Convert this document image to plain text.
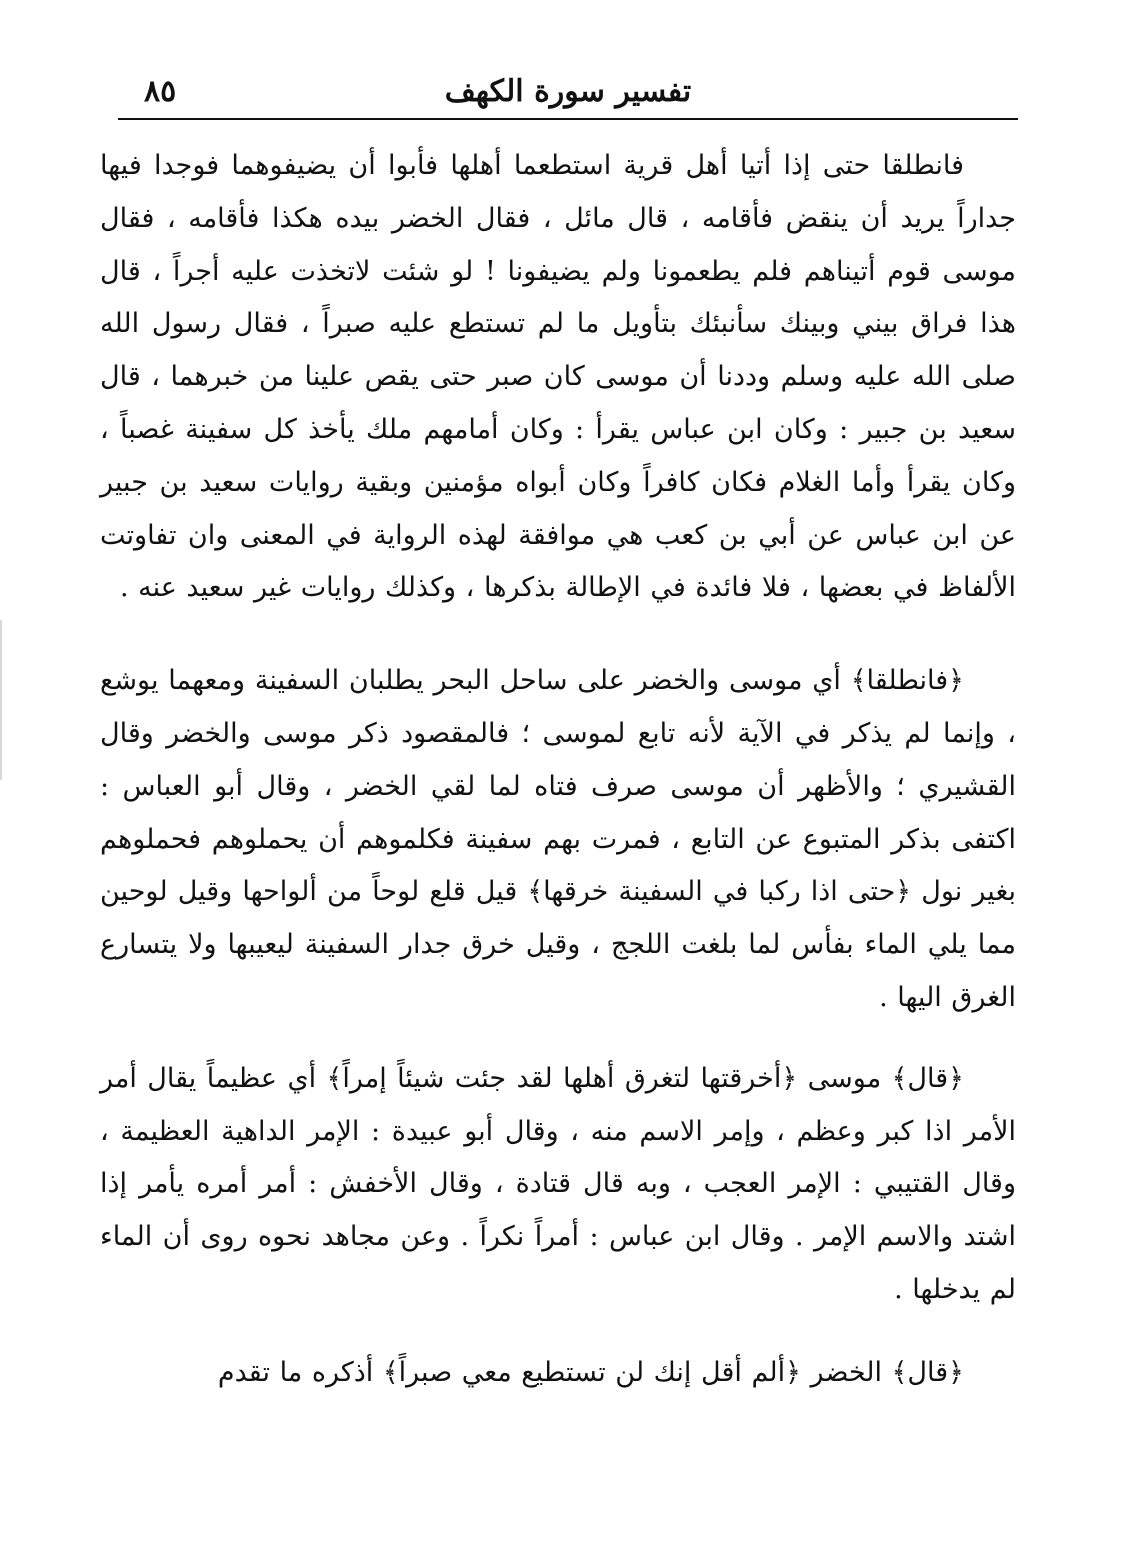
تفسير سورة الكهف
٨٥

فانطلقا حتى إذا أتيا أهل قرية استطعما أهلها فأبوا أن يضيفوهما فوجدا فيها جداراً يريد أن ينقض فأقامه ، قال مائل ، فقال الخضر بيده هكذا فأقامه ، فقال موسى قوم أتيناهم فلم يطعمونا ولم يضيفونا ! لو شئت لاتخذت عليه أجراً ، قال هذا فراق بيني وبينك سأنبئك بتأويل ما لم تستطع عليه صبراً ، فقال رسول الله صلى الله عليه وسلم وددنا أن موسى كان صبر حتى يقص علينا من خبرهما ، قال سعيد بن جبير : وكان ابن عباس يقرأ : وكان أمامهم ملك يأخذ كل سفينة غصباً ، وكان يقرأ وأما الغلام فكان كافراً وكان أبواه مؤمنين وبقية روايات سعيد بن جبير عن ابن عباس عن أبي بن كعب هي موافقة لهذه الرواية في المعنى وان تفاوتت الألفاظ في بعضها ، فلا فائدة في الإطالة بذكرها ، وكذلك روايات غير سعيد عنه .

﴿فانطلقا﴾ أي موسى والخضر على ساحل البحر يطلبان السفينة ومعهما يوشع ، وإنما لم يذكر في الآية لأنه تابع لموسى ؛ فالمقصود ذكر موسى والخضر وقال القشيري ؛ والأظهر أن موسى صرف فتاه لما لقي الخضر ، وقال أبو العباس : اكتفى بذكر المتبوع عن التابع ، فمرت بهم سفينة فكلموهم أن يحملوهم فحملوهم بغير نول ﴿حتى اذا ركبا في السفينة خرقها﴾ قيل قلع لوحاً من ألواحها وقيل لوحين مما يلي الماء بفأس لما بلغت اللجج ، وقيل خرق جدار السفينة ليعيبها ولا يتسارع الغرق اليها .

﴿قال﴾ موسى ﴿أخرقتها لتغرق أهلها لقد جئت شيئاً إمراً﴾ أي عظيماً يقال أمر الأمر اذا كبر وعظم ، وإمر الاسم منه ، وقال أبو عبيدة : الإمر الداهية العظيمة ، وقال القتيبي : الإمر العجب ، وبه قال قتادة ، وقال الأخفش : أمر أمره يأمر إذا اشتد والاسم الإمر . وقال ابن عباس : أمراً نكراً . وعن مجاهد نحوه روى أن الماء لم يدخلها .

﴿قال﴾ الخضر ﴿ألم أقل إنك لن تستطيع معي صبراً﴾ أذكره ما تقدم
